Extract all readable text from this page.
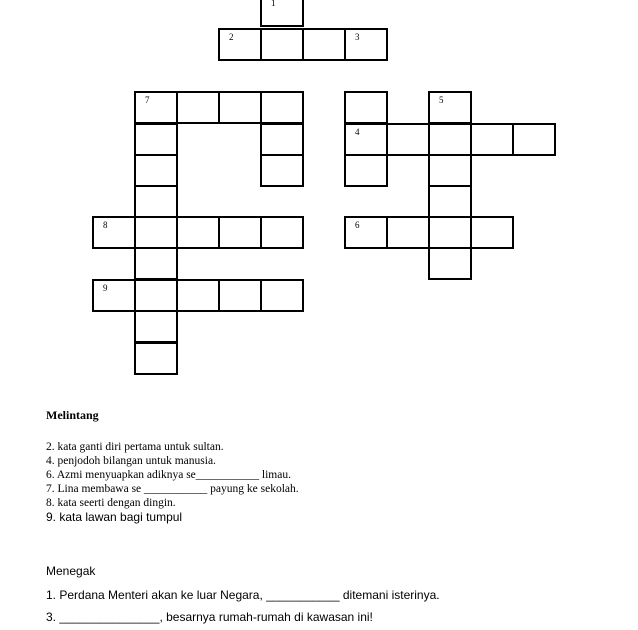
1
2	3
7
4
5
8	6
9
Melintang
2. kata ganti diri pertama untuk sultan.
4. penjodoh bilangan untuk manusia.
6. Azmi menyuapkan adiknya se___________ limau.
7. Lina membawa se ___________ payung ke sekolah.
8. kata seerti dengan dingin.
9. kata lawan bagi tumpul
Menegak
1. Perdana Menteri akan ke luar Negara, ___________ ditemani isterinya.
3. _______________, besarnya rumah-rumah di kawasan ini!
